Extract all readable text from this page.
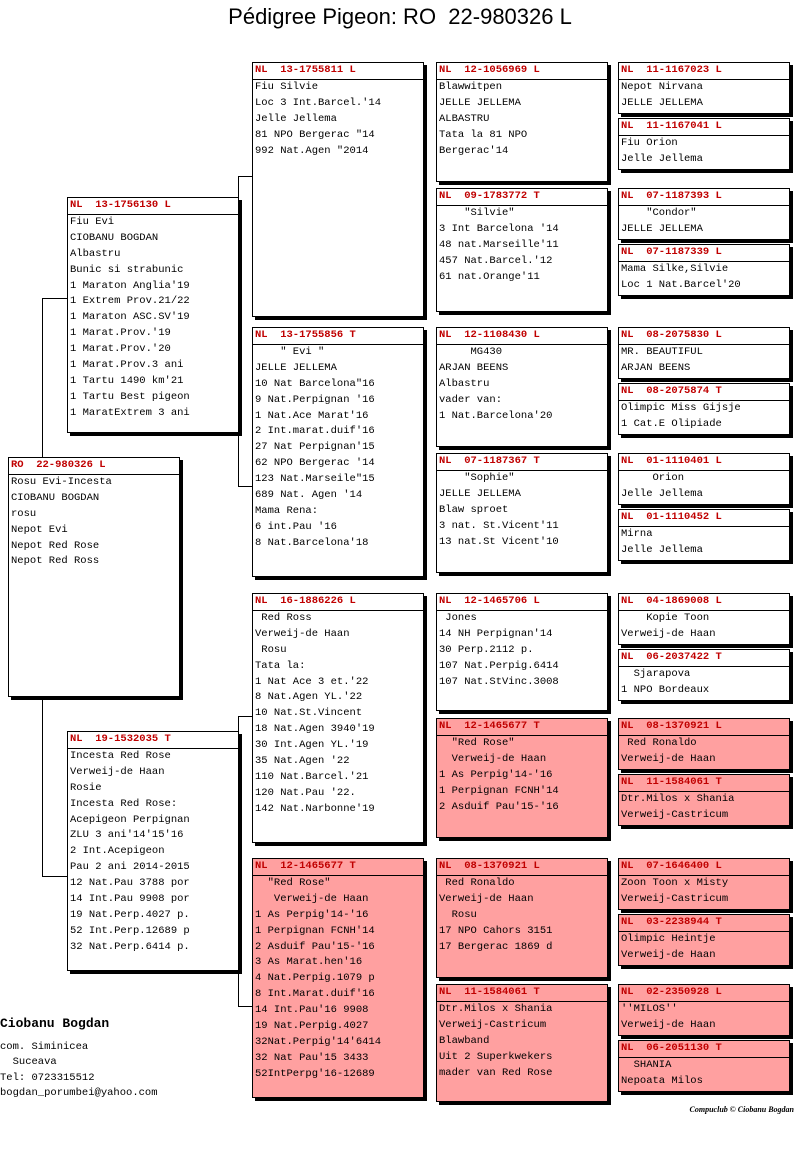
Pédigree Pigeon: RO  22-980326 L
RO  22-980326 L
Rosu Evi-Incesta
CIOBANU BOGDAN
rosu
Nepot Evi
Nepot Red Rose
Nepot Red Ross
NL  13-1756130 L
Fiu Evi
CIOBANU BOGDAN
Albastru
Bunic si strabunic
1 Maraton Anglia'19
1 Extrem Prov.21/22
1 Maraton ASC.SV'19
1 Marat.Prov.'19
1 Marat.Prov.'20
1 Marat.Prov.3 ani
1 Tartu 1490 km'21
1 Tartu Best pigeon
1 MaratExtrem 3 ani
NL  19-1532035 T
Incesta Red Rose
Verweij-de Haan
Rosie
Incesta Red Rose:
Acepigeon Perpignan
ZLU 3 ani'14'15'16
2 Int.Acepigeon
Pau 2 ani 2014-2015
12 Nat.Pau 3788 por
14 Int.Pau 9908 por
19 Nat.Perp.4027 p.
52 Int.Perp.12689 p
32 Nat.Perp.6414 p.
NL  13-1755811 L
Fiu Silvie
Loc 3 Int.Barcel.'14
Jelle Jellema
81 NPO Bergerac "14
992 Nat.Agen "2014
NL  13-1755856 T
" Evi "
JELLE JELLEMA
10 Nat Barcelona"16
9 Nat.Perpignan '16
1 Nat.Ace Marat'16
2 Int.marat.duif'16
27 Nat Perpignan'15
62 NPO Bergerac '14
123 Nat.Marseile"15
689 Nat. Agen '14
Mama Rena:
6 int.Pau '16
8 Nat.Barcelona'18
NL  16-1886226 L
Red Ross
Verweij-de Haan
Rosu
Tata la:
1 Nat Ace 3 et.'22
8 Nat.Agen YL.'22
10 Nat.St.Vincent
18 Nat.Agen 3940'19
30 Int.Agen YL.'19
35 Nat.Agen '22
110 Nat.Barcel.'21
120 Nat.Pau '22.
142 Nat.Narbonne'19
NL  12-1465677 T
"Red Rose"
Verweij-de Haan
1 As Perpig'14-'16
1 Perpignan FCNH'14
2 Asduif Pau'15-'16
3 As Marat.hen'16
4 Nat.Perpig.1079 p
8 Int.Marat.duif'16
14 Int.Pau'16 9908
19 Nat.Perpig.4027
32Nat.Perpig'14'6414
32 Nat Pau'15 3433
52IntPerpg'16-12689
NL  12-1056969 L
Blawwitpen
JELLE JELLEMA
ALBASTRU
Tata la 81 NPO
Bergerac'14
NL  09-1783772 T
"Silvie"
3 Int Barcelona '14
48 nat.Marseille'11
457 Nat.Barcel.'12
61 nat.Orange'11
NL  12-1108430 L
MG430
ARJAN BEENS
Albastru
vader van:
1 Nat.Barcelona'20
NL  07-1187367 T
"Sophie"
JELLE JELLEMA
Blaw sproet
3 nat. St.Vicent'11
13 nat.St Vicent'10
NL  12-1465706 L
Jones
14 NH Perpignan'14
30 Perp.2112 p.
107 Nat.Perpig.6414
107 Nat.StVinc.3008
NL  12-1465677 T
"Red Rose"
Verweij-de Haan
1 As Perpig'14-'16
1 Perpignan FCNH'14
2 Asduif Pau'15-'16
NL  08-1370921 L
Red Ronaldo
Verweij-de Haan
Rosu
17 NPO Cahors 3151
17 Bergerac 1869 d
NL  11-1584061 T
Dtr.Milos x Shania
Verweij-Castricum
Blawband
Uit 2 Superkwekers
mader van Red Rose
NL  11-1167023 L
Nepot Nirvana
JELLE JELLEMA
NL  11-1167041 L
Fiu Orion
Jelle Jellema
NL  07-1187393 L
"Condor"
JELLE JELLEMA
NL  07-1187339 L
Mama Silke,Silvie
Loc 1 Nat.Barcel'20
NL  08-2075830 L
MR. BEAUTIFUL
ARJAN BEENS
NL  08-2075874 T
Olimpic Miss Gijsje
1 Cat.E Olipiade
NL  01-1110401 L
Orion
Jelle Jellema
NL  01-1110452 L
Mirna
Jelle Jellema
NL  04-1869008 L
Kopie Toon
Verweij-de Haan
NL  06-2037422 T
Sjarapova
1 NPO Bordeaux
NL  08-1370921 L
Red Ronaldo
Verweij-de Haan
NL  11-1584061 T
Dtr.Milos x Shania
Verweij-Castricum
NL  07-1646400 L
Zoon Toon x Misty
Verweij-Castricum
NL  03-2238944 T
Olimpic Heintje
Verweij-de Haan
NL  02-2350928 L
''MILOS''
Verweij-de Haan
NL  06-2051130 T
SHANIA
Nepoata Milos
Ciobanu Bogdan
com. Siminicea
Suceava
Tel: 0723315512
bogdan_porumbei@yahoo.com
Compuclub © Ciobanu Bogdan
